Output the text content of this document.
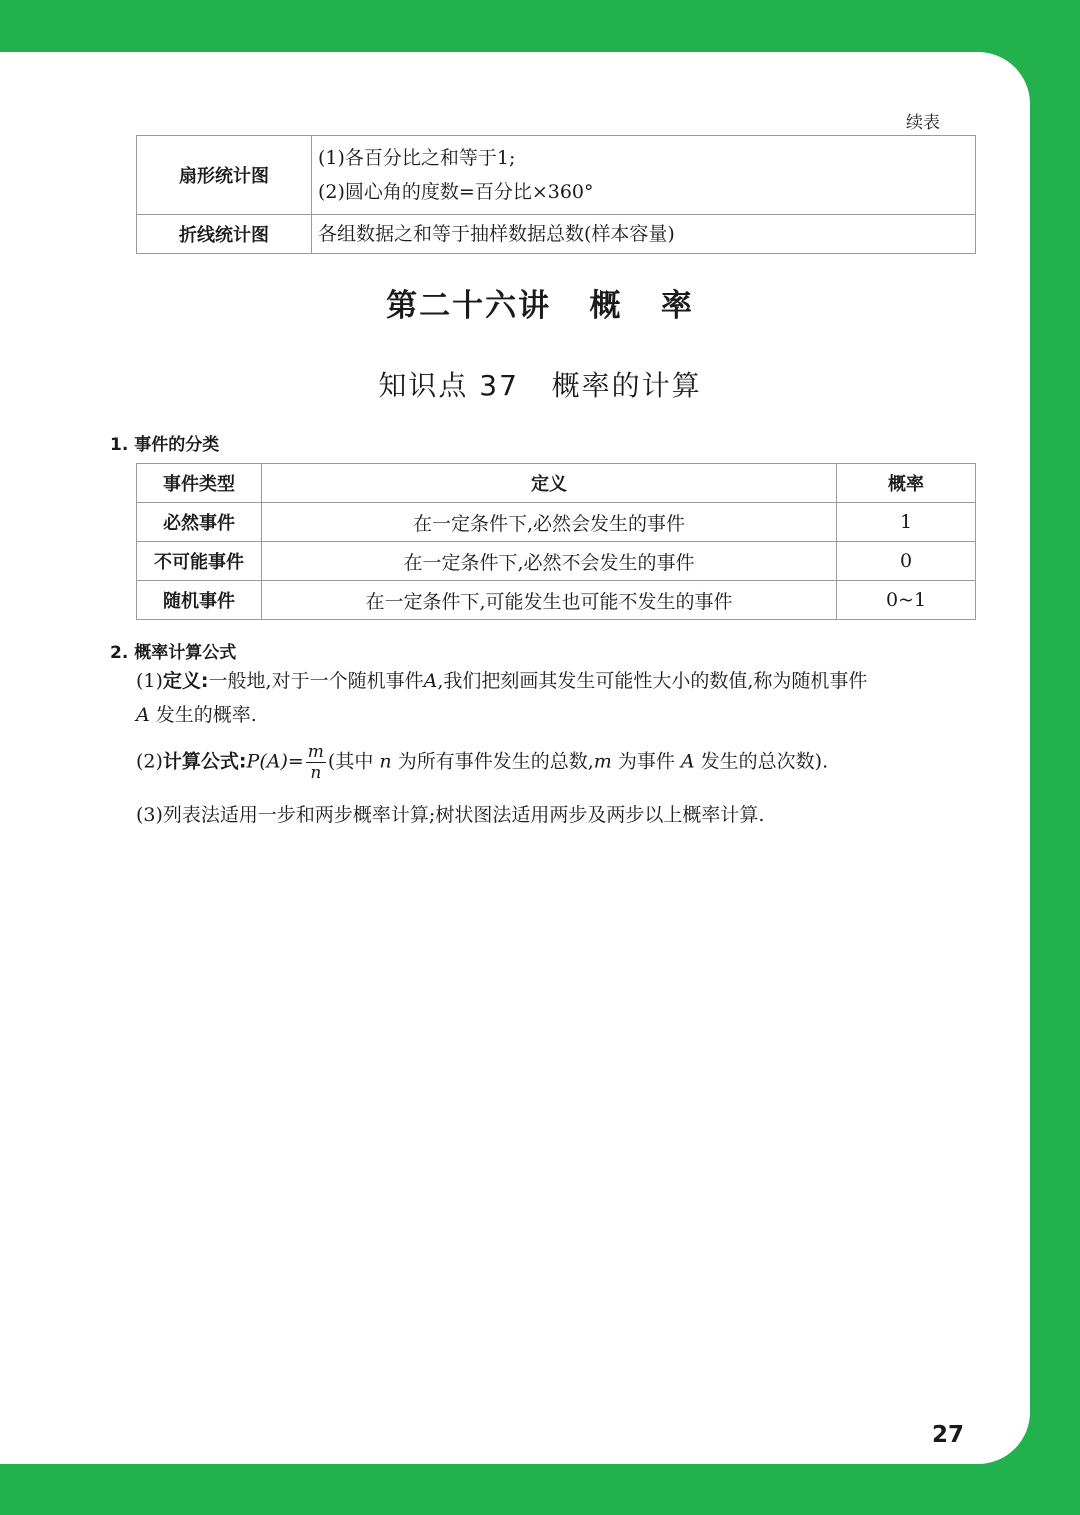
续表
扇形统计图	(1)各百分比之和等于1;
(2)圆心角的度数=百分比×360°

折线统计图	各组数据之和等于抽样数据总数(样本容量)
第二十六讲   概   率
知识点 37   概率的计算
1. 事件的分类
事件类型	定义	概率
必然事件	在一定条件下,必然会发生的事件	1
不可能事件	在一定条件下,必然不会发生的事件	0
随机事件	在一定条件下,可能发生也可能不发生的事件	0~1
2. 概率计算公式
(1)定义:一般地,对于一个随机事件A,我们把刻画其发生可能性大小的数值,称为随机事件
A 发生的概率.
(2)计算公式:P(A)= $\frac{m}{n}$ (其中 n 为所有事件发生的总数,m 为事件 A 发生的总次数).
(3)列表法适用一步和两步概率计算;树状图法适用两步及两步以上概率计算.
27
